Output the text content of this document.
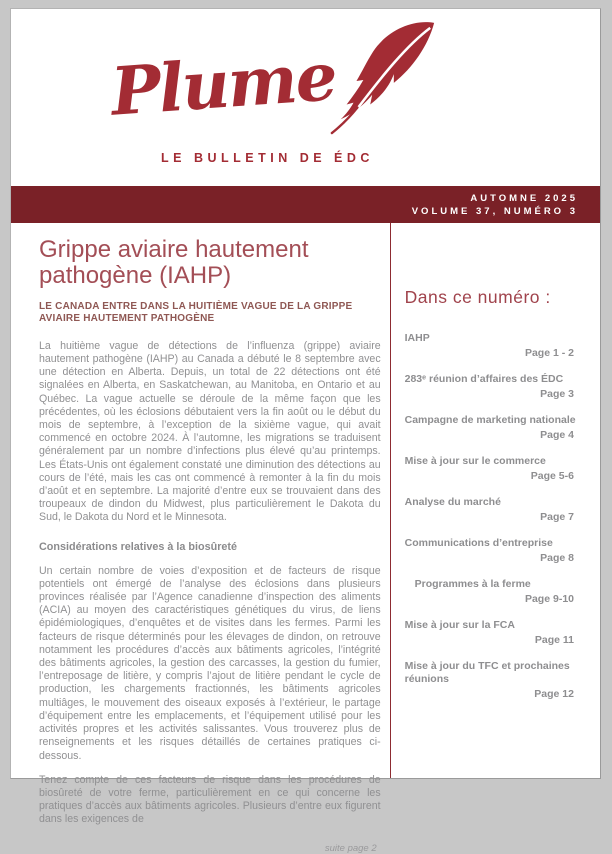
Plume
LE BULLETIN DE ÉDC
AUTOMNE 2025
VOLUME 37, NUMÉRO 3
Grippe aviaire hautement pathogène (IAHP)
LE CANADA ENTRE DANS LA HUITIÈME VAGUE DE LA GRIPPE AVIAIRE HAUTEMENT PATHOGÈNE

La huitième vague de détections de l’influenza (grippe) aviaire hautement pathogène (IAHP) au Canada a débuté le 8 septembre avec une détection en Alberta. Depuis, un total de 22 détections ont été signalées en Alberta, en Saskatchewan, au Manitoba, en Ontario et au Québec. La vague actuelle se déroule de la même façon que les précédentes, où les éclosions débutaient vers la fin août ou le début du mois de septembre, à l’exception de la sixième vague, qui avait commencé en octobre 2024. À l’automne, les migrations se traduisent généralement par un nombre d’infections plus élevé qu’au printemps. Les États-Unis ont également constaté une diminution des détections au cours de l’été, mais les cas ont commencé à remonter à la fin du mois d’août et en septembre. La majorité d’entre eux se trouvaient dans des troupeaux de dindon du Midwest, plus particulièrement le Dakota du Sud, le Dakota du Nord et le Minnesota.

Considérations relatives à la biosûreté

Un certain nombre de voies d’exposition et de facteurs de risque potentiels ont émergé de l’analyse des éclosions dans plusieurs provinces réalisée par l’Agence canadienne d’inspection des aliments (ACIA) au moyen des caractéristiques génétiques du virus, de liens épidémiologiques, d’enquêtes et de visites dans les fermes. Parmi les facteurs de risque déterminés pour les élevages de dindon, on retrouve notamment les procédures d’accès aux bâtiments agricoles, l’intégrité des bâtiments agricoles, la gestion des carcasses, la gestion du fumier, l’entreposage de litière, y compris l’ajout de litière pendant le cycle de production, les chargements fractionnés, les bâtiments agricoles multiâges, le mouvement des oiseaux exposés à l’extérieur, le partage d’équipement entre les emplacements, et l’équipement utilisé pour les activités propres et les activités salissantes. Vous trouverez plus de renseignements et les risques détaillés de certaines pratiques ci-dessous.

Tenez compte de ces facteurs de risque dans les procédures de biosûreté de votre ferme, particulièrement en ce qui concerne les pratiques d’accès aux bâtiments agricoles. Plusieurs d’entre eux figurent dans les exigences de

suite page 2
Dans ce numéro :
IAHP
Page 1 - 2
283ᵉ réunion d’affaires des ÉDC
Page 3
Campagne de marketing nationale
Page 4
Mise à jour sur le commerce
Page 5-6
Analyse du marché
Page 7
Communications d’entreprise
Page 8
Programmes à la ferme
Page 9-10
Mise à jour sur la FCA
Page 11
Mise à jour du TFC et prochaines réunions
Page 12
